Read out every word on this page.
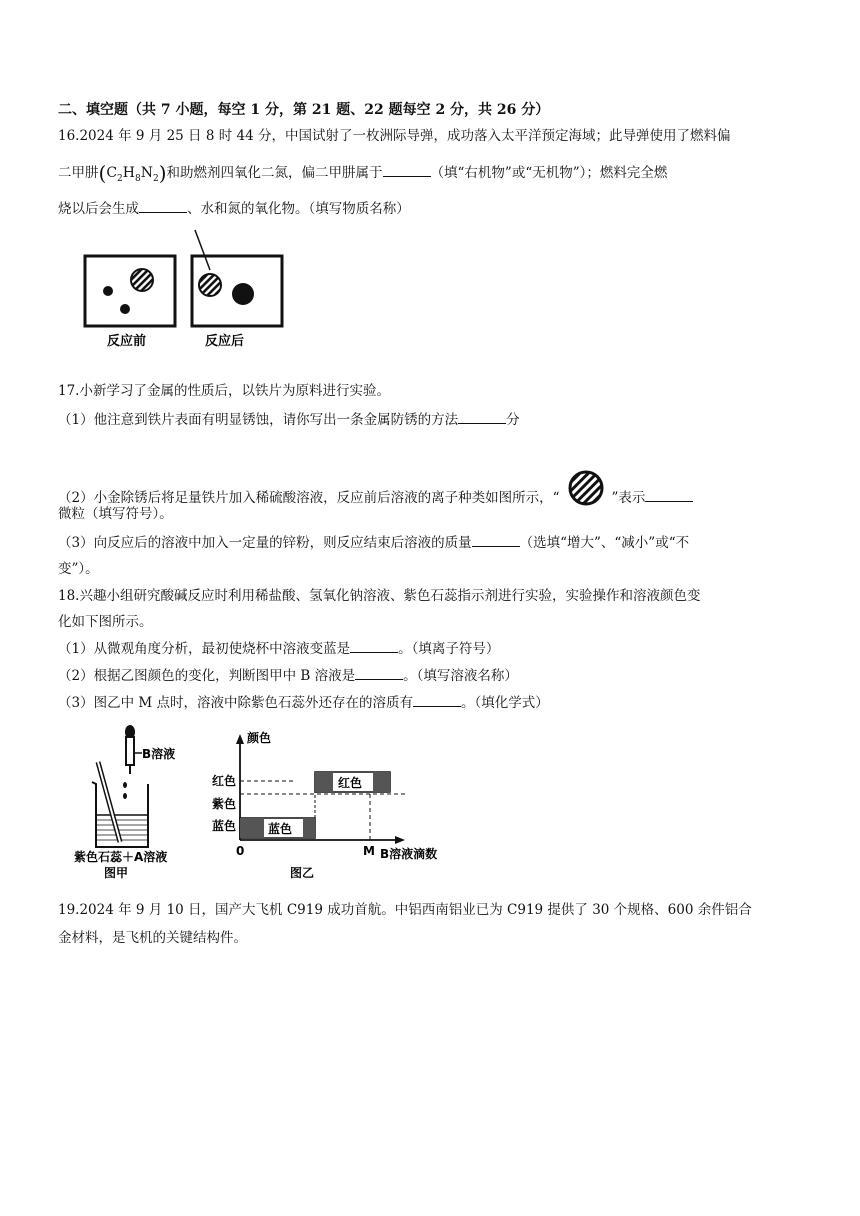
二、填空题（共 7 小题，每空 1 分，第 21 题、22 题每空 2 分，共 26 分）
16.2024 年 9 月 25 日 8 时 44 分，中国试射了一枚洲际导弹，成功落入太平洋预定海域；此导弹使用了燃料偏
二甲肼$(C_2H_8N_2)$和助燃剂四氧化二氮，偏二甲肼属于	（填“右机物”或“无机物”）；燃料完全燃
烧以后会生成	、水和氮的氧化物。（填写物质名称）
反应前	反应后
17.小新学习了金属的性质后，以铁片为原料进行实验。
（1）他注意到铁片表面有明显锈蚀，请你写出一条金属防锈的方法	分
（2）小金除锈后将足量铁片加入稀硫酸溶液，反应前后溶液的离子种类如图所示，“	”表示
微粒（填写符号）。
（3）向反应后的溶液中加入一定量的锌粉，则反应结束后溶液的质量	（选填“增大”、“减小”或“不
变”）。
18.兴趣小组研究酸碱反应时利用稀盐酸、氢氧化钠溶液、紫色石蕊指示剂进行实验，实验操作和溶液颜色变
化如下图所示。
（1）从微观角度分析，最初使烧杯中溶液变蓝是	。（填离子符号）
（2）根据乙图颜色的变化，判断图甲中 B 溶液是	。（填写溶液名称）
（3）图乙中 M 点时，溶液中除紫色石蕊外还存在的溶质有	。（填化学式）
B溶液
紫色石蕊＋A溶液
图甲
颜色
红色
紫色
蓝色	蓝色
红色
0	M B溶液滴数
图乙
19.2024 年 9 月 10 日，国产大飞机 C919 成功首航。中铝西南铝业已为 C919 提供了 30 个规格、600 余件铝合
金材料，是飞机的关键结构件。
